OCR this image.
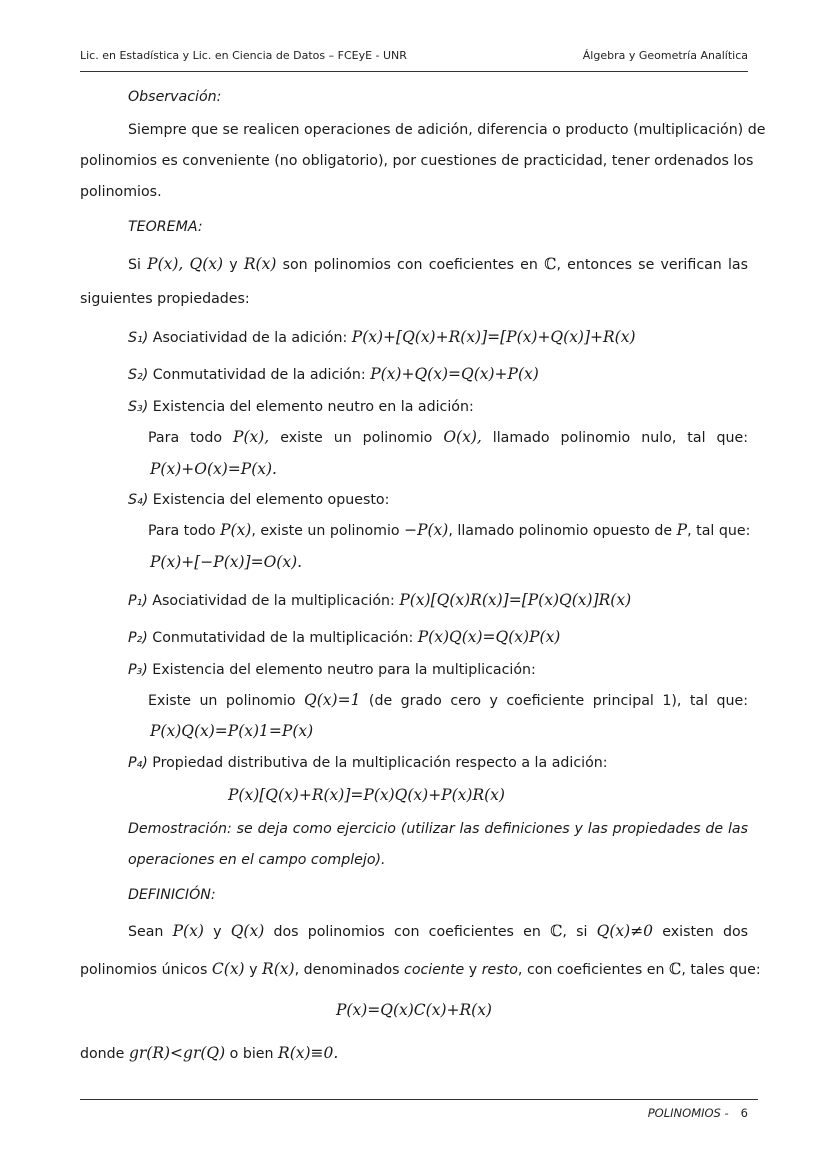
Lic. en Estadística y Lic. en Ciencia de Datos – FCEyE - UNR	Álgebra y Geometría Analítica
Observación:
Siempre que se realicen operaciones de adición, diferencia o producto (multiplicación) de
polinomios es conveniente (no obligatorio), por cuestiones de practicidad, tener ordenados los
polinomios.
TEOREMA:
Si P(x), Q(x) y R(x) son polinomios con coeficientes en ℂ, entonces se verifican las
siguientes propiedades:
S₁) Asociatividad de la adición: P(x)+[Q(x)+R(x)]=[P(x)+Q(x)]+R(x)
S₂) Conmutatividad de la adición: P(x)+Q(x)=Q(x)+P(x)
S₃) Existencia del elemento neutro en la adición:
Para todo P(x), existe un polinomio O(x), llamado polinomio nulo, tal que:
P(x)+O(x)=P(x).
S₄) Existencia del elemento opuesto:
Para todo P(x), existe un polinomio −P(x), llamado polinomio opuesto de P, tal que:
P(x)+[−P(x)]=O(x).
P₁) Asociatividad de la multiplicación: P(x)[Q(x)R(x)]=[P(x)Q(x)]R(x)
P₂) Conmutatividad de la multiplicación: P(x)Q(x)=Q(x)P(x)
P₃) Existencia del elemento neutro para la multiplicación:
Existe un polinomio Q(x)=1 (de grado cero y coeficiente principal 1), tal que:
P(x)Q(x)=P(x)1=P(x)
P₄) Propiedad distributiva de la multiplicación respecto a la adición:
P(x)[Q(x)+R(x)]=P(x)Q(x)+P(x)R(x)
Demostración: se deja como ejercicio (utilizar las definiciones y las propiedades de las
operaciones en el campo complejo).
DEFINICIÓN:
Sean P(x) y Q(x) dos polinomios con coeficientes en ℂ, si Q(x)≠0 existen dos
polinomios únicos C(x) y R(x), denominados cociente y resto, con coeficientes en ℂ, tales que:
P(x)=Q(x)C(x)+R(x)
donde gr(R)<gr(Q) o bien R(x)≡0.
POLINOMIOS - 6
